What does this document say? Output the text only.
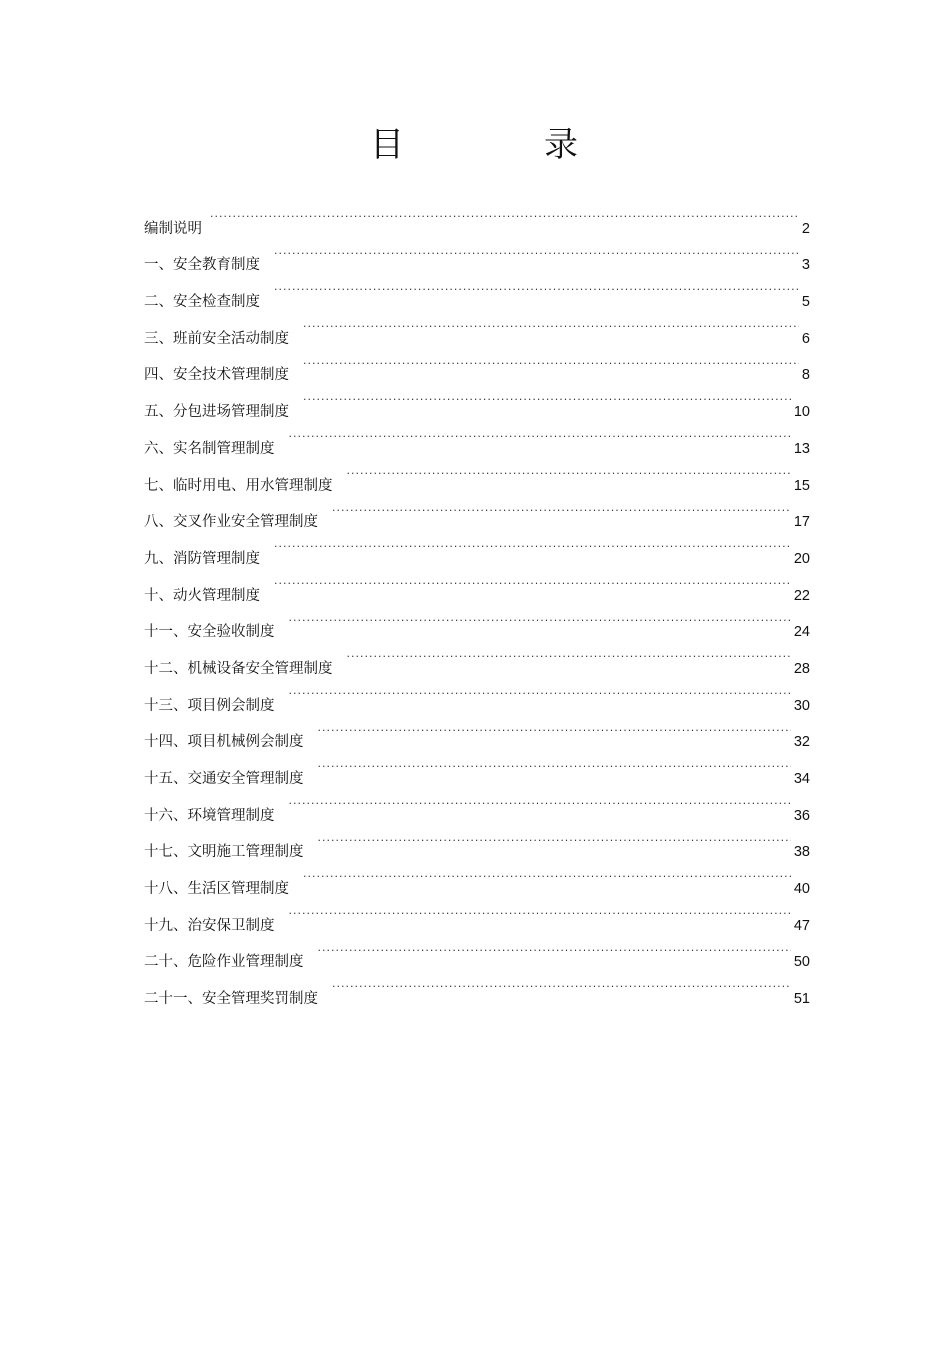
目	录
编制说明 .....	2
一、安全教育制度 .....	3
二、安全检查制度 .....	5
三、班前安全活动制度 .....	6
四、安全技术管理制度 .....	8
五、分包进场管理制度 .....	10
六、实名制管理制度 .....	13
七、临时用电、用水管理制度 .....	15
八、交叉作业安全管理制度 .....	17
九、消防管理制度 .....	20
十、动火管理制度 .....	22
十一、安全验收制度 .....	24
十二、机械设备安全管理制度 .....	28
十三、项目例会制度 .....	30
十四、项目机械例会制度 .....	32
十五、交通安全管理制度 .....	34
十六、环境管理制度 .....	36
十七、文明施工管理制度 .....	38
十八、生活区管理制度 .....	40
十九、治安保卫制度 .....	47
二十、危险作业管理制度 .....	50
二十一、安全管理奖罚制度 .....	51
